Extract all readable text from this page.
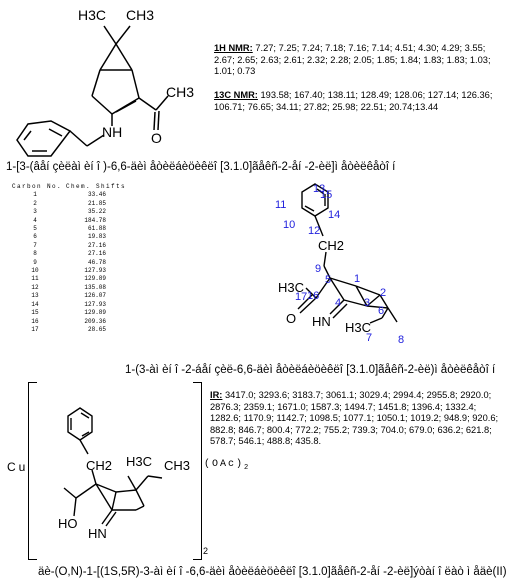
H3C CH3
NH
CH3
O
1H NMR: 7.27; 7.25; 7.24; 7.18; 7.16; 7.14; 4.51; 4.30; 4.29; 3.55; 2.67; 2.65; 2.63; 2.61; 2.32; 2.28; 2.05; 1.85; 1.84; 1.83; 1.83; 1.03; 1.01; 0.73
13C NMR: 193.58; 167.40; 138.11; 128.49; 128.06; 127.14; 126.36; 106.71; 76.65; 34.11; 27.82; 25.98; 22.51; 20.74;13.44
1-[3-(âåí çèëàì èí î )-6,6-äèì åòèëáèöèêëî [3.1.0]ãåêñ-2-åí -2-èë]ì åòèëêåòî í
Carbon No. Chem. Shifts
1	33.46
2	21.85
3	35.22
4	184.78
5	61.88
6	19.83
7	27.16
8	27.16
9	46.78
10	127.93
11	129.89
12	135.08
13	126.07
14	127.93
15	129.89
16	209.36
17	28.65
11
13
15
10
14
12
9
1
5
2
17 16
4 3
6
7 8
CH2
H3C
O HN H3C
1-(3-àì èí î -2-áåí çèë-6,6-äèì åòèëáèöèêëî [3.1.0]ãåêñ-2-èë)ì åòèëêåòî í
Cu
2
CH2 H3C CH3
HO
HN
$(OAc)_2$
IR: 3417.0; 3293.6; 3183.7; 3061.1; 3029.4; 2994.4; 2955.8; 2920.0; 2876.3; 2359.1; 1671.0; 1587.3; 1494.7; 1451.8; 1396.4; 1332.4; 1282.6; 1170.9; 1142.7; 1098.5; 1077.1; 1050.1; 1019.2; 948.9; 920.6; 882.8; 846.7; 800.4; 772.2; 755.2; 739.3; 704.0; 679.0; 636.2; 621.8; 578.7; 546.1; 488.8; 435.8.
äè-(O,N)-1-[(1S,5R)-3-àì èí î -6,6-äèì åòèëáèöèêëî [3.1.0]ãåêñ-2-åí -2-èë]ýòàí î ëàò ì åäè(II)
